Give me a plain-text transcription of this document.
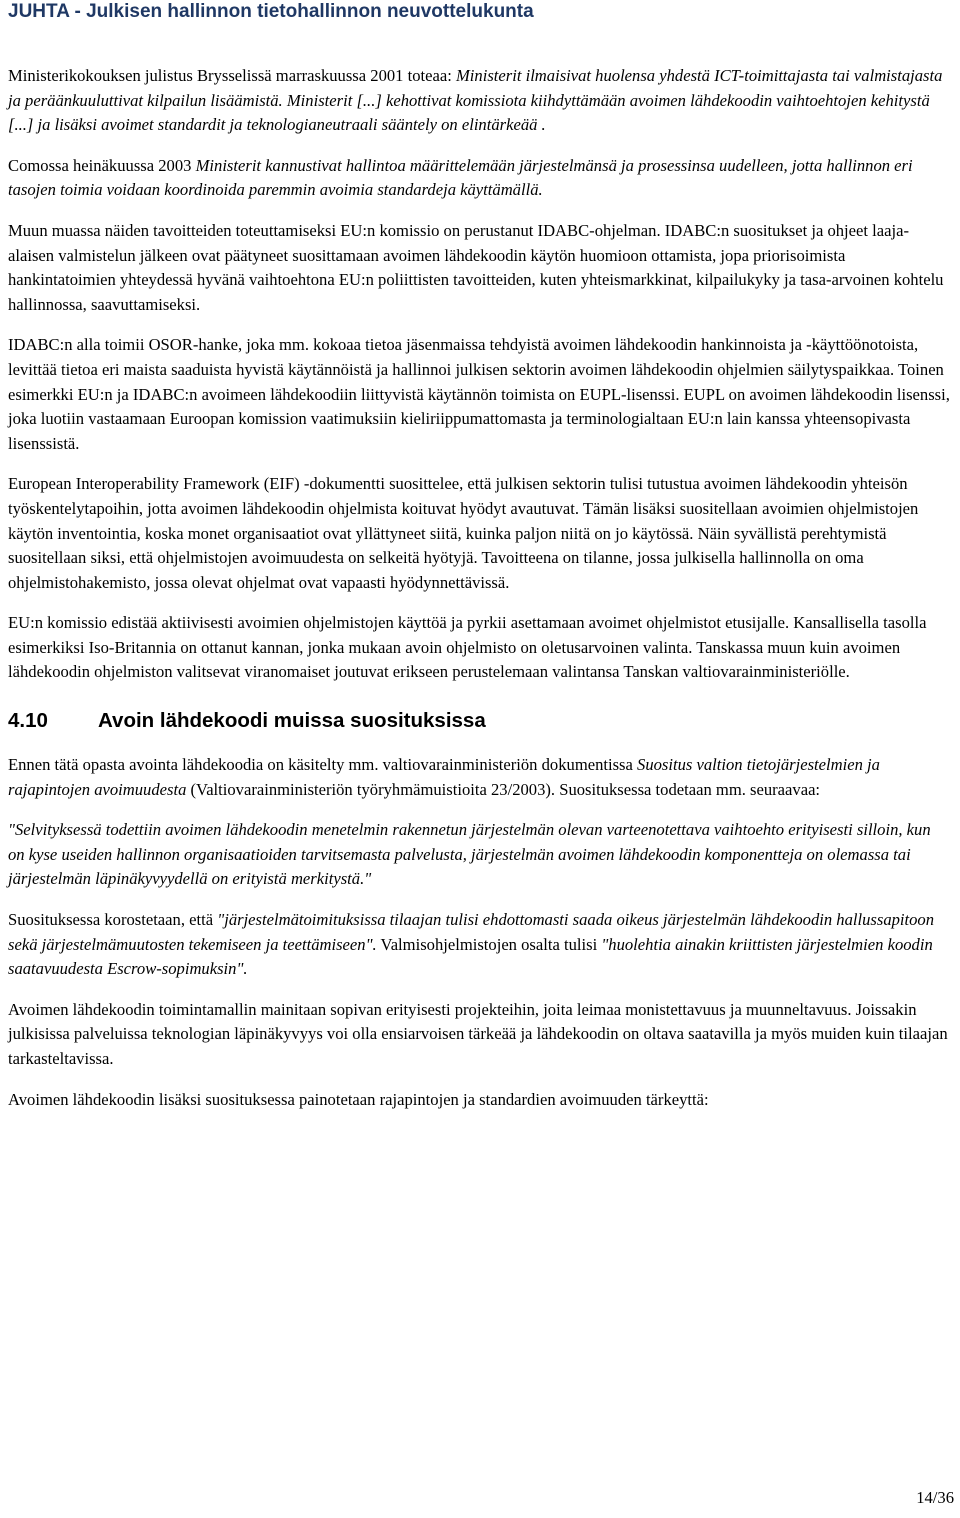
JUHTA - Julkisen hallinnon tietohallinnon neuvottelukunta

Ministerikokouksen julistus Brysselissä marraskuussa 2001 toteaa: Ministerit ilmaisivat huolensa yhdestä ICT-toimittajasta tai valmistajasta ja peräänkuuluttivat kilpailun lisäämistä. Ministerit [...] kehottivat komissiota kiihdyttämään avoimen lähdekoodin vaihtoehtojen kehitystä [...] ja lisäksi avoimet standardit ja teknologianeutraali sääntely on elintärkeää .

Comossa heinäkuussa 2003 Ministerit kannustivat hallintoa määrittelemään järjestelmänsä ja prosessinsa uudelleen, jotta hallinnon eri tasojen toimia voidaan koordinoida paremmin avoimia standardeja käyttämällä.

Muun muassa näiden tavoitteiden toteuttamiseksi EU:n komissio on perustanut IDABC-ohjelman. IDABC:n suositukset ja ohjeet laaja-alaisen valmistelun jälkeen ovat päätyneet suosittamaan avoimen lähdekoodin käytön huomioon ottamista, jopa priorisoimista hankintatoimien yhteydessä hyvänä vaihtoehtona EU:n poliittisten tavoitteiden, kuten yhteismarkkinat, kilpailukyky ja tasa-arvoinen kohtelu hallinnossa, saavuttamiseksi.

IDABC:n alla toimii OSOR-hanke, joka mm. kokoaa tietoa jäsenmaissa tehdyistä avoimen lähdekoodin hankinnoista ja -käyttöönotoista, levittää tietoa eri maista saaduista hyvistä käytännöistä ja hallinnoi julkisen sektorin avoimen lähdekoodin ohjelmien säilytyspaikkaa. Toinen esimerkki EU:n ja IDABC:n avoimeen lähdekoodiin liittyvistä käytännön toimista on EUPL-lisenssi. EUPL on avoimen lähdekoodin lisenssi, joka luotiin vastaamaan Euroopan komission vaatimuksiin kieliriippumattomasta ja terminologialtaan EU:n lain kanssa yhteensopivasta lisenssistä.

European Interoperability Framework (EIF) -dokumentti suosittelee, että julkisen sektorin tulisi tutustua avoimen lähdekoodin yhteisön työskentelytapoihin, jotta avoimen lähdekoodin ohjelmista koituvat hyödyt avautuvat. Tämän lisäksi suositellaan avoimien ohjelmistojen käytön inventointia, koska monet organisaatiot ovat yllättyneet siitä, kuinka paljon niitä on jo käytössä. Näin syvällistä perehtymistä suositellaan siksi, että ohjelmistojen avoimuudesta on selkeitä hyötyjä. Tavoitteena on tilanne, jossa julkisella hallinnolla on oma ohjelmistohakemisto, jossa olevat ohjelmat ovat vapaasti hyödynnettävissä.

EU:n komissio edistää aktiivisesti avoimien ohjelmistojen käyttöä ja pyrkii asettamaan avoimet ohjelmistot etusijalle. Kansallisella tasolla esimerkiksi Iso-Britannia on ottanut kannan, jonka mukaan avoin ohjelmisto on oletusarvoinen valinta. Tanskassa muun kuin avoimen lähdekoodin ohjelmiston valitsevat viranomaiset joutuvat erikseen perustelemaan valintansa Tanskan valtiovarainministeriölle.

4.10 Avoin lähdekoodi muissa suosituksissa

Ennen tätä opasta avointa lähdekoodia on käsitelty mm. valtiovarainministeriön dokumentissa Suositus valtion tietojärjestelmien ja rajapintojen avoimuudesta (Valtiovarainministeriön työryhmämuistioita 23/2003). Suosituksessa todetaan mm. seuraavaa:

"Selvityksessä todettiin avoimen lähdekoodin menetelmin rakennetun järjestelmän olevan varteenotettava vaihtoehto erityisesti silloin, kun on kyse useiden hallinnon organisaatioiden tarvitsemasta palvelusta, järjestelmän avoimen lähdekoodin komponentteja on olemassa tai järjestelmän läpinäkyvyydellä on erityistä merkitystä."

Suosituksessa korostetaan, että "järjestelmätoimituksissa tilaajan tulisi ehdottomasti saada oikeus järjestelmän lähdekoodin hallussapitoon sekä järjestelmämuutosten tekemiseen ja teettämiseen". Valmisohjelmistojen osalta tulisi "huolehtia ainakin kriittisten järjestelmien koodin saatavuudesta Escrow-sopimuksin".

Avoimen lähdekoodin toimintamallin mainitaan sopivan erityisesti projekteihin, joita leimaa monistettavuus ja muunneltavuus. Joissakin julkisissa palveluissa teknologian läpinäkyvyys voi olla ensiarvoisen tärkeää ja lähdekoodin on oltava saatavilla ja myös muiden kuin tilaajan tarkasteltavissa.

Avoimen lähdekoodin lisäksi suosituksessa painotetaan rajapintojen ja standardien avoimuuden tärkeyttä:

14/36
